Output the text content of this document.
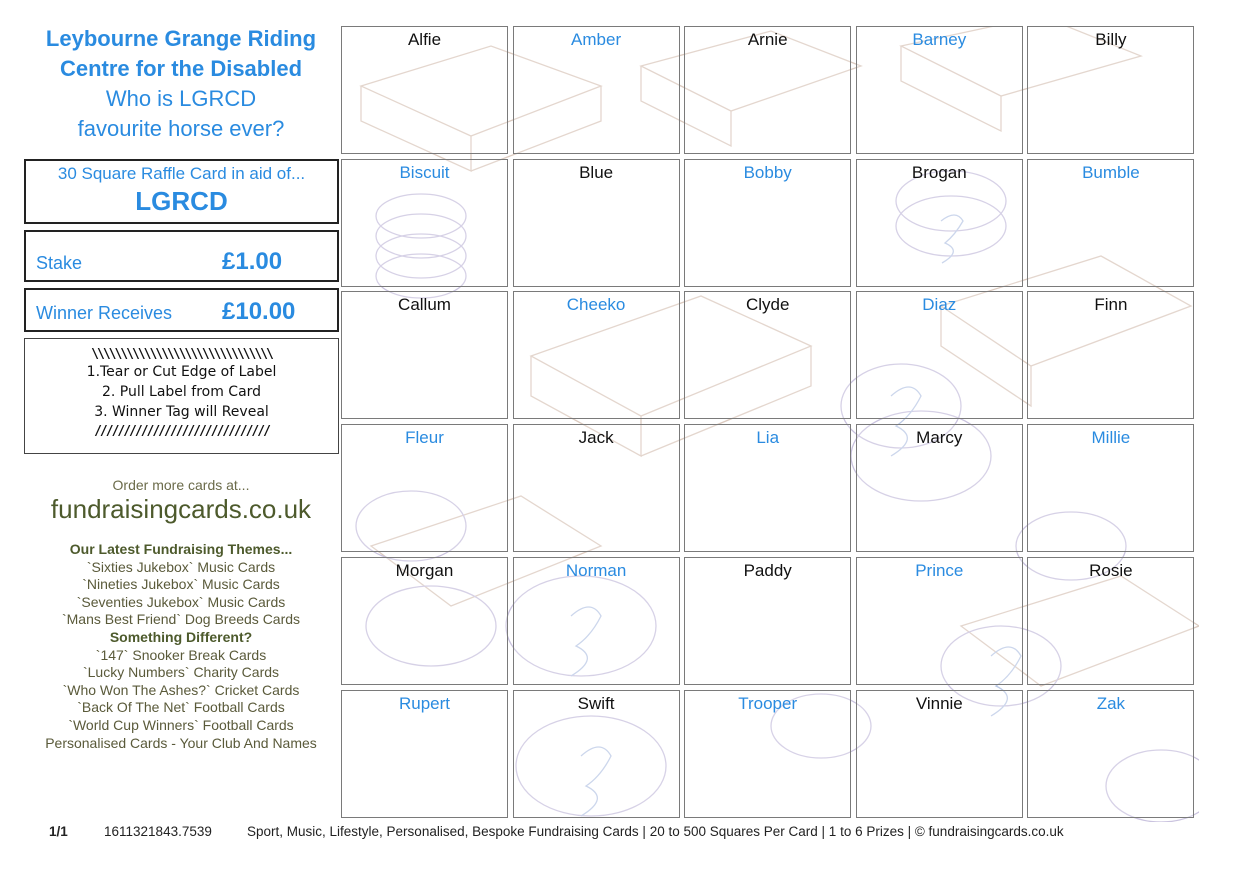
Leybourne Grange Riding
Centre for the Disabled
Who is LGRCD
favourite horse ever?
30 Square Raffle Card in aid of...
LGRCD
Stake	£1.00
Winner Receives £10.00
\\\\\\\\\\\\\\\\\\\\\\\\\\\\\\\
1.Tear or Cut Edge of Label
2. Pull Label from Card
3. Winner Tag will Reveal
//////////////////////////////
Order more cards at...
fundraisingcards.co.uk
Our Latest Fundraising Themes...
`Sixties Jukebox` Music Cards
`Nineties Jukebox` Music Cards
`Seventies Jukebox` Music Cards
`Mans Best Friend` Dog Breeds Cards
Something Different?
`147` Snooker Break Cards
`Lucky Numbers` Charity Cards
`Who Won The Ashes?` Cricket Cards
`Back Of The Net` Football Cards
`World Cup Winners` Football Cards
Personalised Cards - Your Club And Names
Alfie	Amber	Arnie	Barney	Billy
Biscuit	Blue	Bobby	Brogan	Bumble
Callum	Cheeko	Clyde	Diaz	Finn
Fleur	Jack	Lia	Marcy	Millie
Morgan	Norman	Paddy	Prince	Rosie
Rupert	Swift	Trooper	Vinnie	Zak
1/1	1611321843.7539	Sport, Music, Lifestyle, Personalised, Bespoke Fundraising Cards | 20 to 500 Squares Per Card | 1 to 6 Prizes | © fundraisingcards.co.uk
